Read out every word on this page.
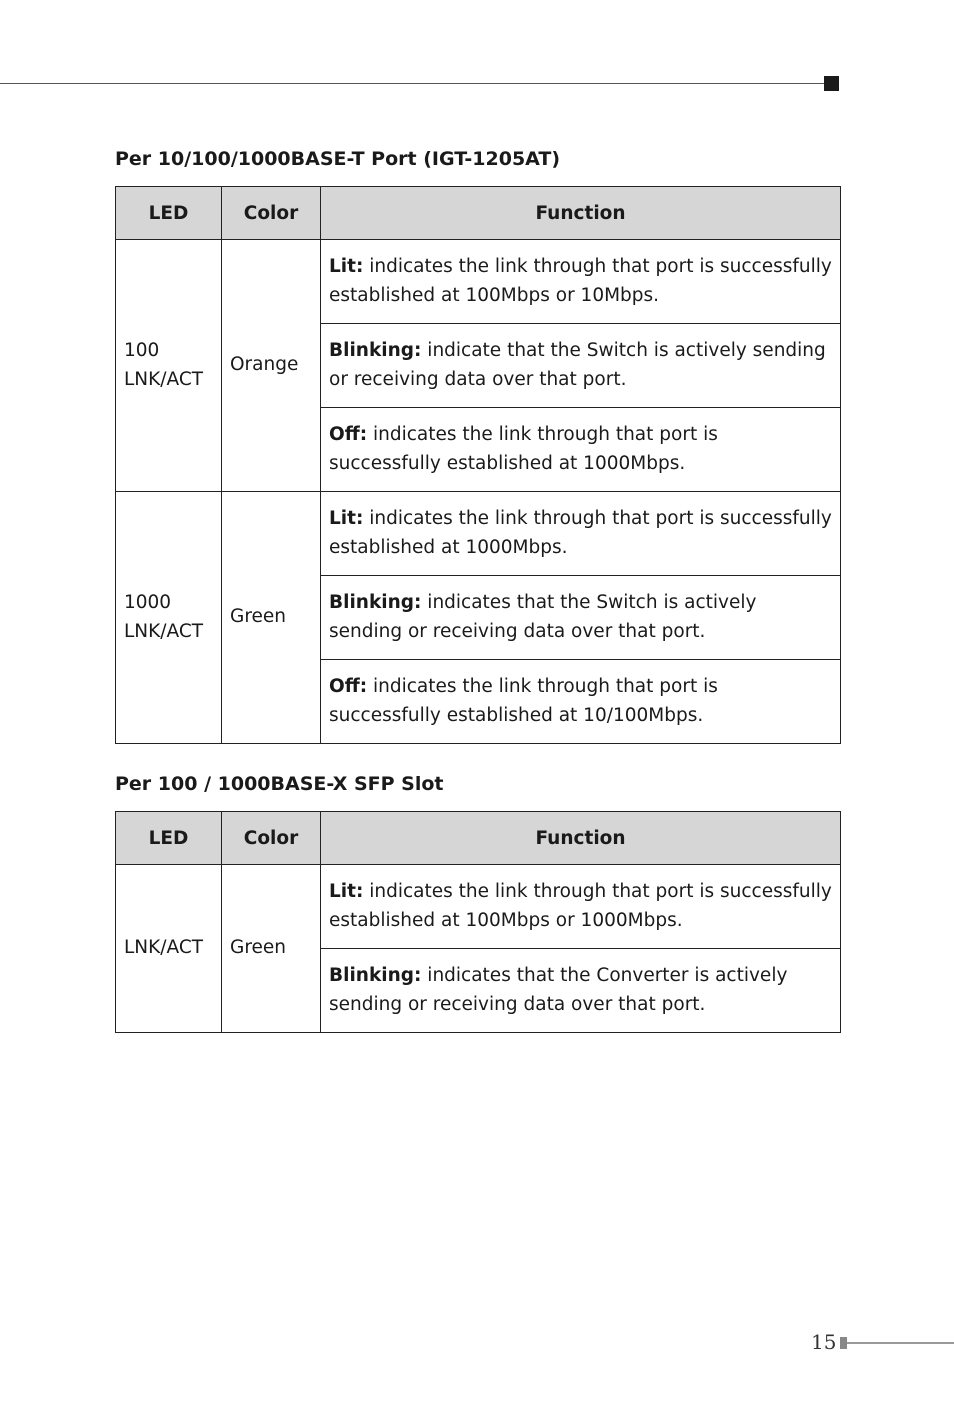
Per 10/100/1000BASE-T Port (IGT-1205AT)
LED	Color	Function
100 LNK/ACT	Orange	Lit: indicates the link through that port is successfully established at 100Mbps or 10Mbps.
		Blinking: indicate that the Switch is actively sending or receiving data over that port.
		Off: indicates the link through that port is successfully established at 1000Mbps.
1000 LNK/ACT	Green	Lit: indicates the link through that port is successfully established at 1000Mbps.
		Blinking: indicates that the Switch is actively sending or receiving data over that port.
		Off: indicates the link through that port is successfully established at 10/100Mbps.
Per 100 / 1000BASE-X SFP Slot
LED	Color	Function
LNK/ACT	Green	Lit: indicates the link through that port is successfully established at 100Mbps or 1000Mbps.
		Blinking: indicates that the Converter is actively sending or receiving data over that port.
15
